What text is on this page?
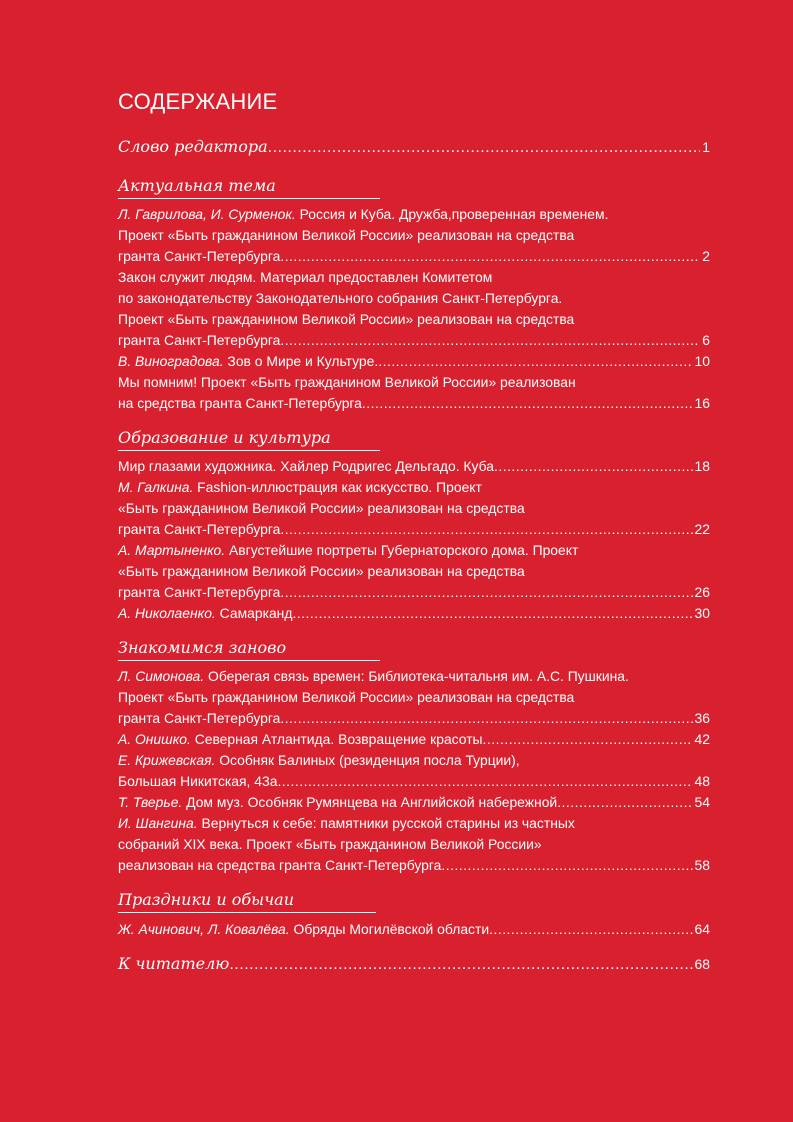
СОДЕРЖАНИЕ
Слово редактора .....	1
Актуальная тема
Л. Гаврилова, И. Сурменок. Россия и Куба. Дружба,проверенная временем.
Проект «Быть гражданином Великой России» реализован на средства
гранта Санкт-Петербурга .....	2
Закон служит людям. Материал предоставлен Комитетом
по законодательству Законодательного собрания Санкт-Петербурга.
Проект «Быть гражданином Великой России» реализован на средства
гранта Санкт-Петербурга .....	6
В. Виноградова. Зов о Мире и Культуре. .....	10
Мы помним! Проект «Быть гражданином Великой России» реализован
на средства гранта Санкт-Петербурга .....	16
Образование и культура
Мир глазами художника. Хайлер Родригес Дельгадо. Куба .....	18
М. Галкина. Fashion-иллюстрация как искусство. Проект
«Быть гражданином Великой России» реализован на средства
гранта Санкт-Петербурга .....	22
А. Мартыненко. Августейшие портреты Губернаторского дома. Проект
«Быть гражданином Великой России» реализован на средства
гранта Санкт-Петербурга .....	26
А. Николаенко. Самарканд .....	30
Знакомимся заново
Л. Симонова. Оберегая связь времен: Библиотека-читальня им. А.С. Пушкина.
Проект «Быть гражданином Великой России» реализован на средства
гранта Санкт-Петербурга .....	36
А. Онишко. Северная Атлантида. Возвращение красоты .....	42
Е. Крижевская. Особняк Балиных (резиденция посла Турции),
Большая Никитская, 43а .....	48
Т. Тверье. Дом муз. Особняк Румянцева на Английской набережной .....	54
И. Шангина. Вернуться к себе: памятники русской старины из частных
собраний XIX века. Проект «Быть гражданином Великой России»
реализован на средства гранта Санкт-Петербурга .....	58
Праздники и обычаи
Ж. Ачинович, Л. Ковалёва. Обряды Могилёвской области .....	64
К читателю .....	68
